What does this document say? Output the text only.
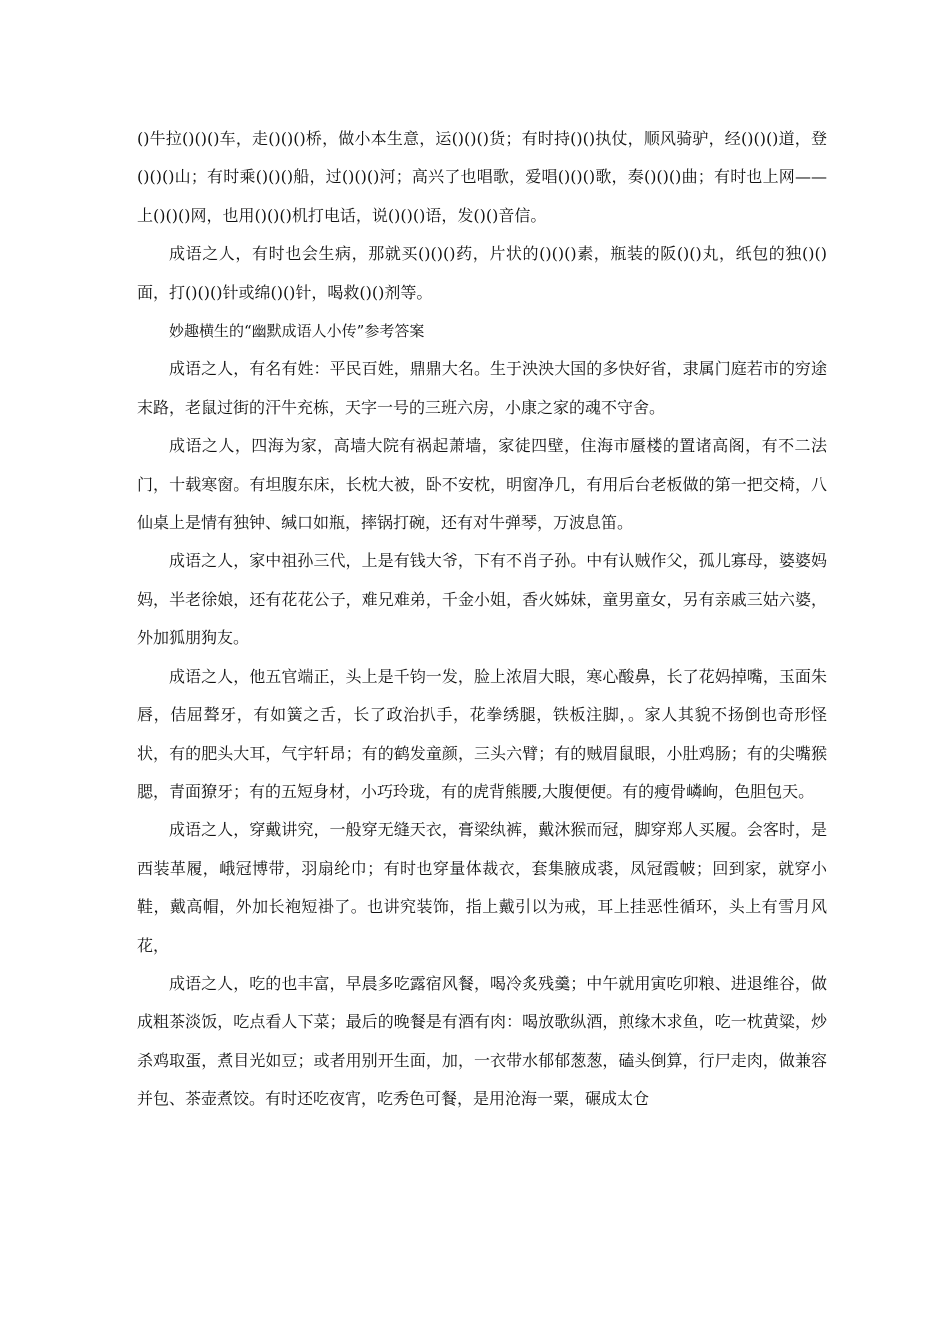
()牛拉()()()车，走()()()桥，做小本生意，运()()()货；有时持()()执仗，顺风骑驴，经()()()道，登()()()山；有时乘()()()船，过()()()河；高兴了也唱歌，爱唱()()()歌，奏()()()曲；有时也上网——上()()()网，也用()()()机打电话，说()()()语，发()()音信。

成语之人，有时也会生病，那就买()()()药，片状的()()()素，瓶装的阪()()丸，纸包的独()()面，打()()()针或绵()()针，喝救()()剂等。

妙趣横生的“幽默成语人小传”参考答案

成语之人，有名有姓：平民百姓，鼎鼎大名。生于泱泱大国的多快好省，隶属门庭若市的穷途末路，老鼠过街的汗牛充栋，天字一号的三班六房，小康之家的魂不守舍。

成语之人，四海为家，高墙大院有祸起萧墙，家徒四壁，住海市蜃楼的置诸高阁，有不二法门，十载寒窗。有坦腹东床，长枕大被，卧不安枕，明窗净几，有用后台老板做的第一把交椅，八仙桌上是情有独钟、缄口如瓶，摔锅打碗，还有对牛弹琴，万波息笛。

成语之人，家中祖孙三代，上是有钱大爷，下有不肖子孙。中有认贼作父，孤儿寡母，婆婆妈妈，半老徐娘，还有花花公子，难兄难弟，千金小姐，香火姊妹，童男童女，另有亲戚三姑六婆，外加狐朋狗友。

成语之人，他五官端正，头上是千钧一发，脸上浓眉大眼，寒心酸鼻，长了花妈掉嘴，玉面朱唇，佶屈聱牙，有如簧之舌，长了政治扒手，花拳绣腿，铁板注脚，。家人其貌不扬倒也奇形怪状，有的肥头大耳，气宇轩昂；有的鹤发童颜，三头六臂；有的贼眉鼠眼，小肚鸡肠；有的尖嘴猴腮，青面獠牙；有的五短身材，小巧玲珑，有的虎背熊腰,大腹便便。有的瘦骨嶙峋，色胆包天。

成语之人，穿戴讲究，一般穿无缝天衣，膏梁纨裤，戴沐猴而冠，脚穿郑人买履。会客时，是西装革履，峨冠博带，羽扇纶巾；有时也穿量体裁衣，套集腋成裘，凤冠霞帔；回到家，就穿小鞋，戴高帽，外加长袍短褂了。也讲究装饰，指上戴引以为戒，耳上挂恶性循环，头上有雪月风花，

成语之人，吃的也丰富，早晨多吃露宿风餐，喝冷炙残羹；中午就用寅吃卯粮、进退维谷，做成粗茶淡饭，吃点看人下菜；最后的晚餐是有酒有肉：喝放歌纵酒，煎缘木求鱼，吃一枕黄粱，炒杀鸡取蛋，煮目光如豆；或者用别开生面，加，一衣带水郁郁葱葱，磕头倒算，行尸走肉，做兼容并包、茶壶煮饺。有时还吃夜宵，吃秀色可餐，是用沧海一粟，碾成太仓
